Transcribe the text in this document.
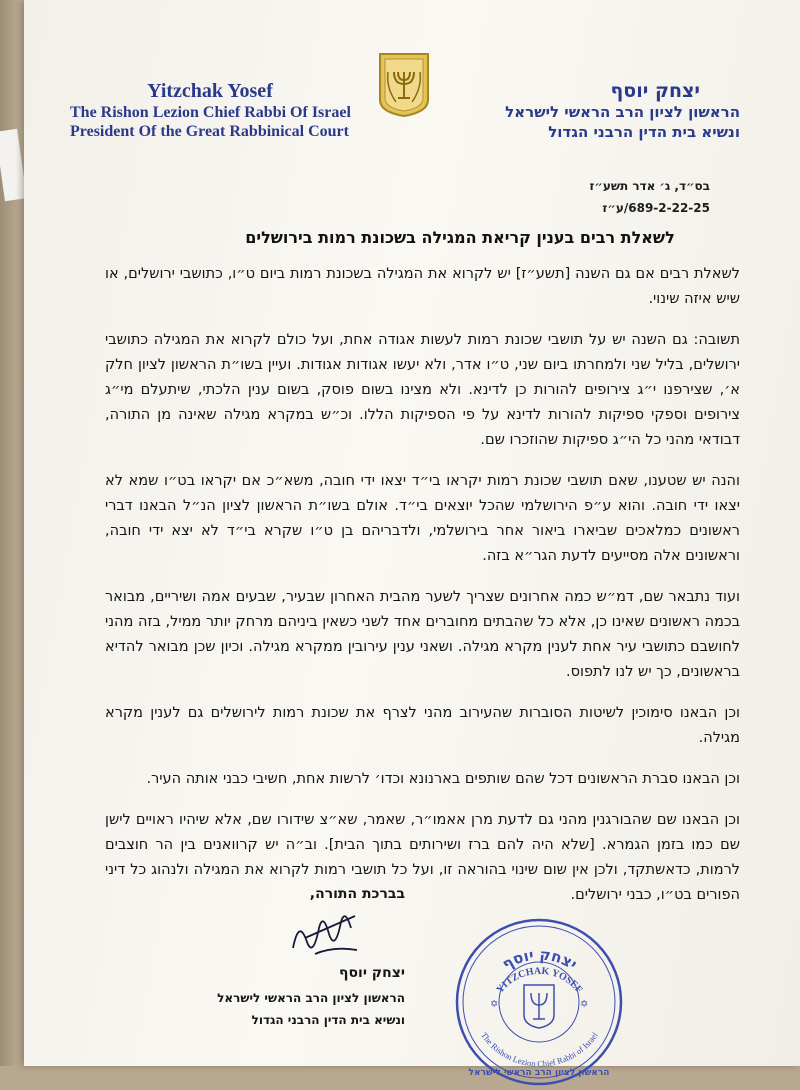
Yitzchak Yosef
The Rishon Lezion Chief Rabbi Of Israel
President Of the Great Rabbinical Court
יצחק יוסף
הראשון לציון הרב הראשי לישראל
ונשיא בית הדין הרבני הגדול
בס״ד, ג׳ אדר תשע״ז
689-2-22-25/ע״ז
לשאלת רבים בענין קריאת המגילה בשכונת רמות בירושלים

לשאלת רבים אם גם השנה [תשע״ז] יש לקרוא את המגילה בשכונת רמות ביום ט״ו, כתושבי ירושלים, או שיש איזה שינוי.

תשובה: גם השנה יש על תושבי שכונת רמות לעשות אגודה אחת, ועל כולם לקרוא את המגילה כתושבי ירושלים, בליל שני ולמחרתו ביום שני, ט״ו אדר, ולא יעשו אגודות אגודות. ועיין בשו״ת הראשון לציון חלק א׳, שצירפנו י״ג צירופים להורות כן לדינא. ולא מצינו בשום פוסק, בשום ענין הלכתי, שיתעלם מי״ג צירופים וספקי ספיקות להורות לדינא על פי הספיקות הללו. וכ״ש במקרא מגילה שאינה מן התורה, דבודאי מהני כל הי״ג ספיקות שהוזכרו שם.

והנה יש שטענו, שאם תושבי שכונת רמות יקראו בי״ד יצאו ידי חובה, משא״כ אם יקראו בט״ו שמא לא יצאו ידי חובה. והוא ע״פ הירושלמי שהכל יוצאים בי״ד. אולם בשו״ת הראשון לציון הנ״ל הבאנו דברי ראשונים כמלאכים שביארו ביאור אחר בירושלמי, ולדבריהם בן ט״ו שקרא בי״ד לא יצא ידי חובה, וראשונים אלה מסייעים לדעת הגר״א בזה.

ועוד נתבאר שם, דמ״ש כמה אחרונים שצריך לשער מהבית האחרון שבעיר, שבעים אמה ושיריים, מבואר בכמה ראשונים שאינו כן, אלא כל שהבתים מחוברים אחד לשני כשאין ביניהם מרחק יותר ממיל, בזה מהני לחושבם כתושבי עיר אחת לענין מקרא מגילה. ושאני ענין עירובין ממקרא מגילה. וכיון שכן מבואר להדיא בראשונים, כך יש לנו לתפוס.

וכן הבאנו סימוכין לשיטות הסוברות שהעירוב מהני לצרף את שכונת רמות לירושלים גם לענין מקרא מגילה.

וכן הבאנו סברת הראשונים דכל שהם שותפים בארנונא וכדו׳ לרשות אחת, חשיבי כבני אותה העיר.

וכן הבאנו שם שהבורגנין מהני גם לדעת מרן אאמו״ר, שאמר, שא״צ שידורו שם, אלא שיהיו ראויים לישן שם כמו בזמן הגמרא. [שלא היה להם ברז ושירותים בתוך הבית]. וב״ה יש קרוואנים בין הר חוצבים לרמות, כדאשתקד, ולכן אין שום שינוי בהוראה זו, ועל כל תושבי רמות לקרוא את המגילה ולנהוג כל דיני הפורים בט״ו, כבני ירושלים.

בברכת התורה,
יצחק יוסף
הראשון לציון הרב הראשי לישראל
ונשיא בית הדין הרבני הגדול
יצחק יוסף
YITZCHAK YOSEF
The Rishon Lezion Chief Rabbi of Israel
הראשון לציון הרב הראשי לישראל
✡	✡
